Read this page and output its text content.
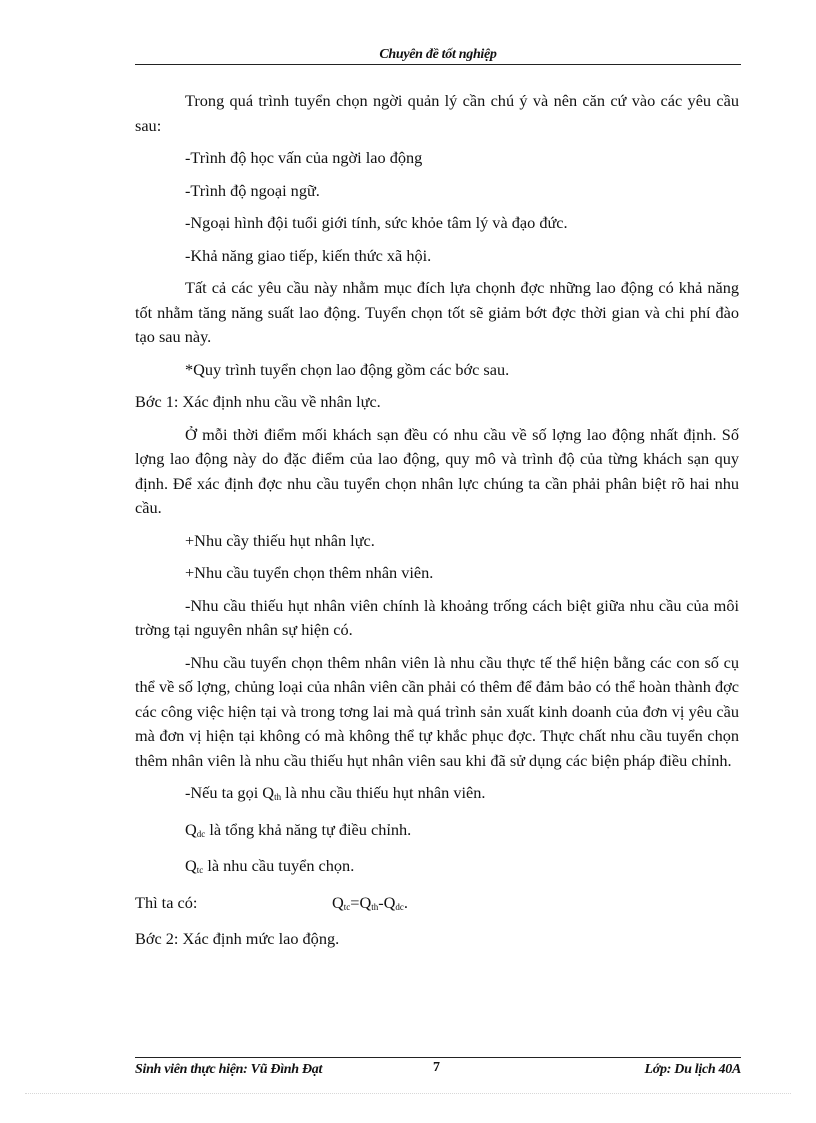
Chuyên đề tốt nghiệp

Trong quá trình tuyển chọn ngời quản lý cần chú ý và nên căn cứ vào các yêu cầu sau:

-Trình độ học vấn của ngời lao động

-Trình độ ngoại ngữ.

-Ngoại hình đội tuổi giới tính, sức khỏe tâm lý và đạo đức.

-Khả năng giao tiếp, kiến thức xã hội.

Tất cả các yêu cầu này nhằm mục đích lựa chọnh đợc những lao động có khả năng tốt nhằm tăng năng suất lao động. Tuyển chọn tốt sẽ giảm bớt đợc thời gian và chi phí đào tạo sau này.

*Quy trình tuyển chọn lao động gồm các bớc sau.

Bớc 1: Xác định nhu cầu về nhân lực.

Ở mỗi thời điểm mối khách sạn đều có nhu cầu về số lợng lao động nhất định. Số lợng lao động này do đặc điểm của lao động, quy mô và trình độ của từng khách sạn quy định. Để xác định đợc nhu cầu tuyển chọn nhân lực chúng ta cần phải phân biệt rõ hai nhu cầu.

+Nhu cầy thiếu hụt nhân lực.

+Nhu cầu tuyển chọn thêm nhân viên.

-Nhu cầu thiếu hụt nhân viên chính là khoảng trống cách biệt giữa nhu cầu của môi trờng tại nguyên nhân sự hiện có.

-Nhu cầu tuyển chọn thêm nhân viên là nhu cầu thực tế thể hiện bằng các con số cụ thể về số lợng, chủng loại của nhân viên cần phải có thêm để đảm bảo có thể hoàn thành đợc các công việc hiện tại và trong tơng lai mà quá trình sản xuất kinh doanh của đơn vị yêu cầu mà đơn vị hiện tại không có mà không thể tự khắc phục đợc. Thực chất nhu cầu tuyển chọn thêm nhân viên là nhu cầu thiếu hụt nhân viên sau khi đã sử dụng các biện pháp điều chỉnh.

-Nếu ta gọi $Q_{th}$ là nhu cầu thiếu hụt nhân viên.

$Q_{dc}$ là tổng khả năng tự điều chỉnh.

$Q_{tc}$ là nhu cầu tuyển chọn.

Thì ta có:	$Q_{tc}=Q_{th}-Q_{dc}$.

Bớc 2: Xác định mức lao động.

Sinh viên thực hiện: Vũ Đình Đạt	7	Lớp: Du lịch 40A
